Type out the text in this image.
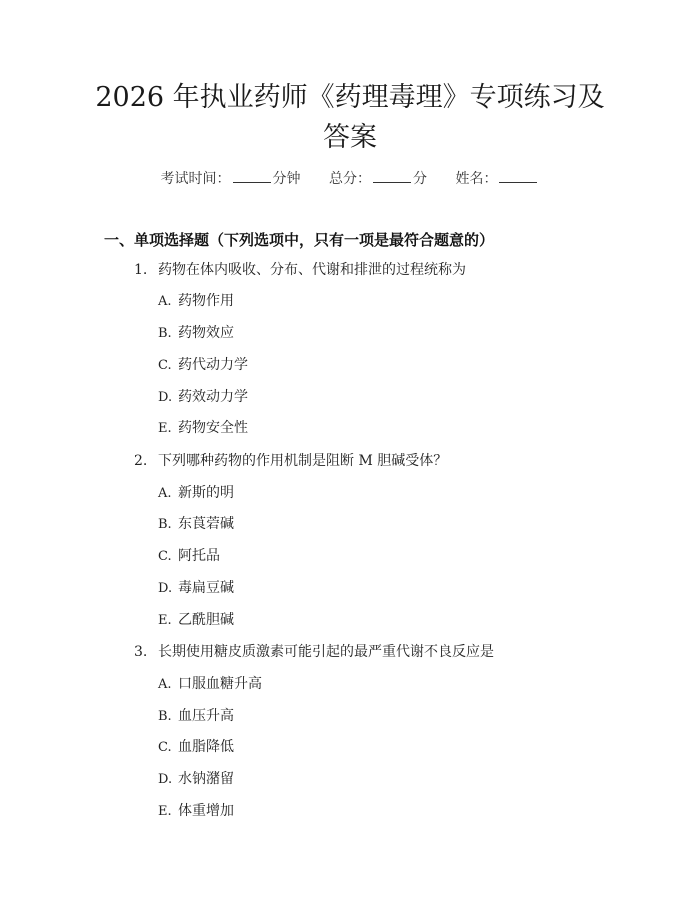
2026 年执业药师《药理毒理》专项练习及答案
考试时间：	分钟 总分：	分 姓名：
一、单项选择题（下列选项中，只有一项是最符合题意的）
1. 药物在体内吸收、分布、代谢和排泄的过程统称为
A. 药物作用
B. 药物效应
C. 药代动力学
D. 药效动力学
E. 药物安全性
2. 下列哪种药物的作用机制是阻断 M 胆碱受体？
A. 新斯的明
B. 东莨菪碱
C. 阿托品
D. 毒扁豆碱
E. 乙酰胆碱
3. 长期使用糖皮质激素可能引起的最严重代谢不良反应是
A. 口服血糖升高
B. 血压升高
C. 血脂降低
D. 水钠潴留
E. 体重增加
